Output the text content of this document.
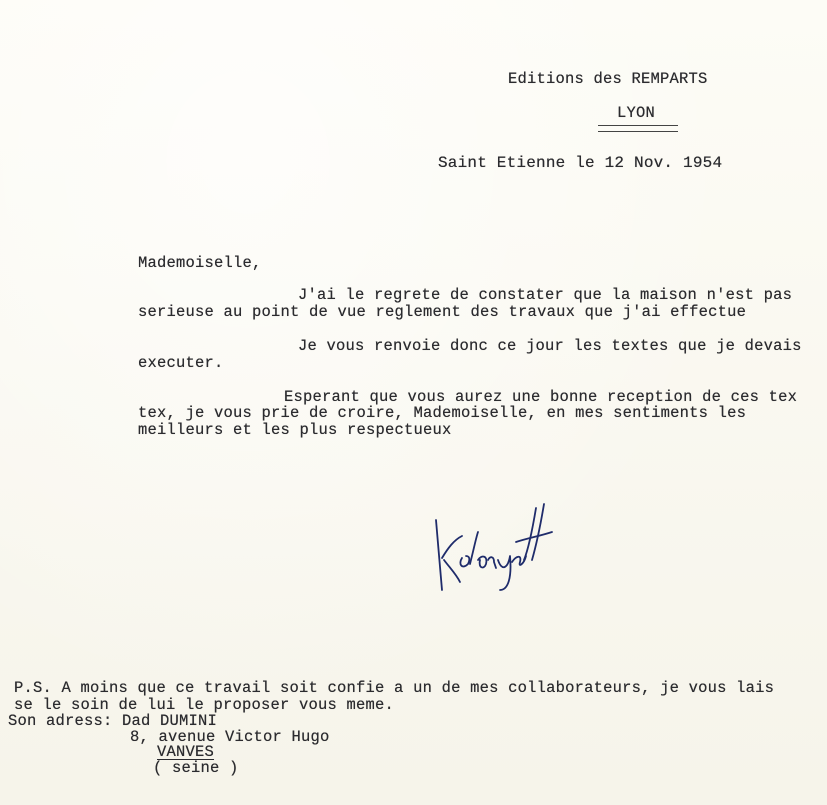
Editions des REMPARTS
LYON
Saint Etienne le 12 Nov. 1954
Mademoiselle,
J'ai le regrete de constater que la maison n'est pas
serieuse au point de vue reglement des travaux que j'ai effectue
Je vous renvoie donc ce jour les textes que je devais
executer.
Esperant que vous aurez une bonne reception de ces tex
tex, je vous prie de croire, Mademoiselle, en mes sentiments les
meilleurs et les plus respectueux
P.S. A moins que ce travail soit confie a un de mes collaborateurs, je vous lais
se le soin de lui le proposer vous meme.
Son adress: Dad DUMINI
8, avenue Victor Hugo
VANVES
( seine )
